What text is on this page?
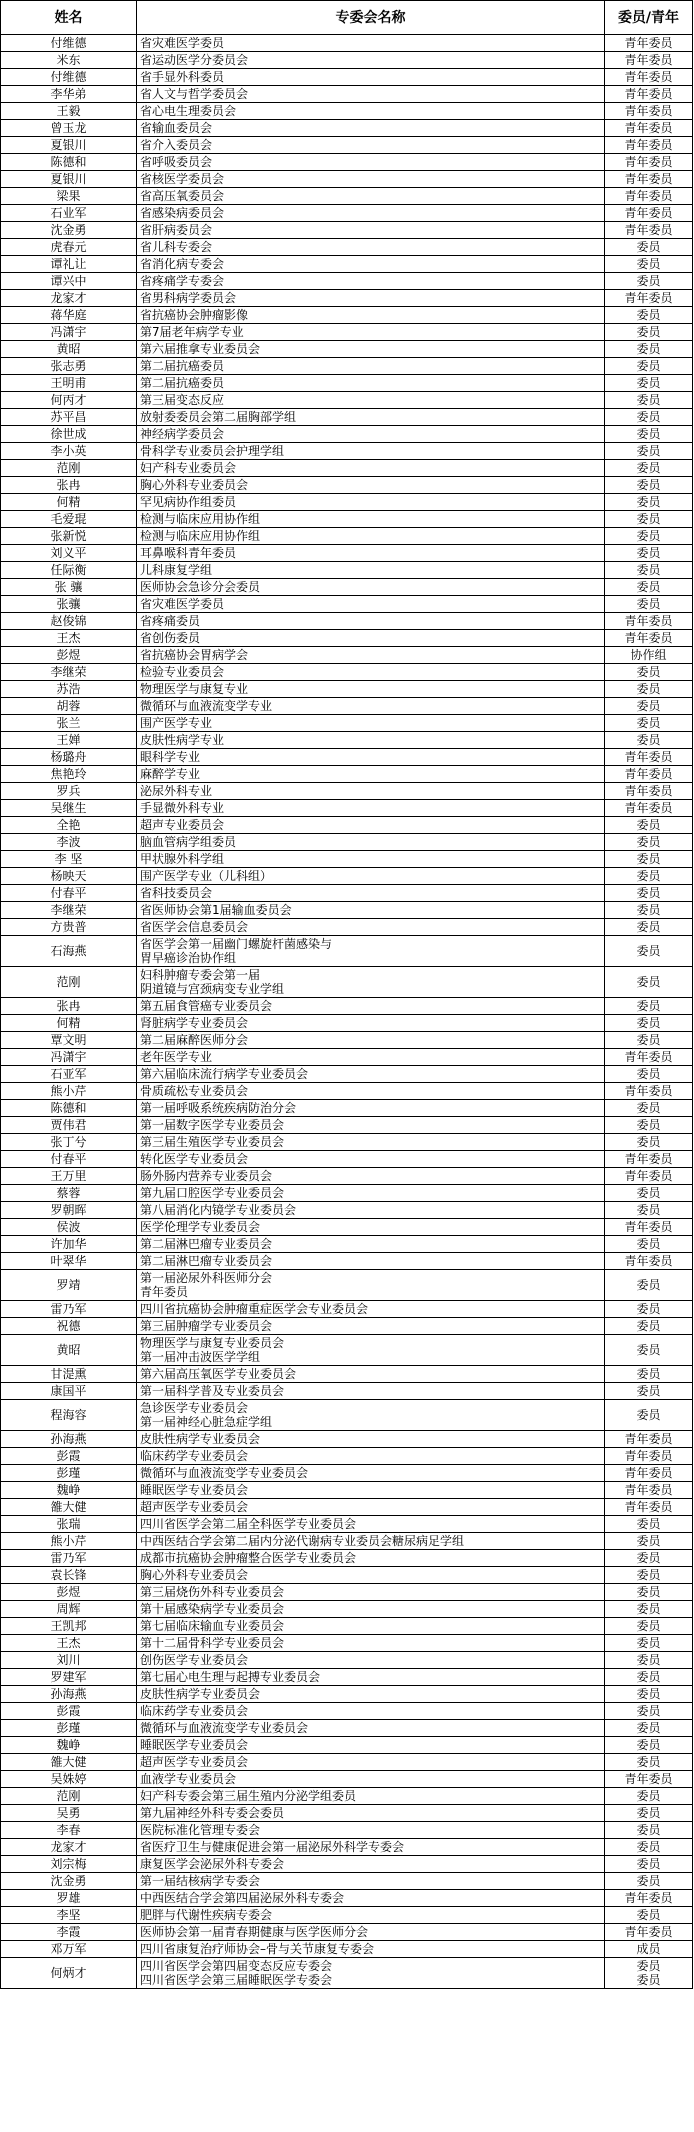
姓名	专委会名称	委员/青年
付维德	省灾难医学委员	青年委员
米东	省运动医学分委员会	青年委员
付维德	省手显外科委员	青年委员
李华弟	省人文与哲学委员会	青年委员
王毅	省心电生理委员会	青年委员
曾玉龙	省输血委员会	青年委员
夏银川	省介入委员会	青年委员
陈德和	省呼吸委员会	青年委员
夏银川	省核医学委员会	青年委员
梁果	省高压氧委员会	青年委员
石业军	省感染病委员会	青年委员
沈金勇	省肝病委员会	青年委员
虎春元	省儿科专委会	委员
谭礼让	省消化病专委会	委员
谭兴中	省疼痛学专委会	委员
龙家才	省男科病学委员会	青年委员
蒋华庭	省抗癌协会肿瘤影像	委员
冯潇宇	第7届老年病学专业	委员
黄昭	第六届推拿专业委员会	委员
张志勇	第二届抗癌委员	委员
王明甫	第二届抗癌委员	委员
何丙才	第三届变态反应	委员
苏平昌	放射委委员会第二届胸部学组	委员
徐世成	神经病学委员会	委员
李小英	骨科学专业委员会护理学组	委员
范刚	妇产科专业委员会	委员
张冉	胸心外科专业委员会	委员
何精	罕见病协作组委员	委员
毛爱琨	检测与临床应用协作组	委员
张新悦	检测与临床应用协作组	委员
刘义平	耳鼻喉科青年委员	委员
任际衡	儿科康复学组	委员
张 骧	医师协会急诊分会委员	委员
张骧	省灾难医学委员	委员
赵俊锦	省疼痛委员	青年委员
王杰	省创伤委员	青年委员
彭煜	省抗癌协会胃病学会	协作组
李继荣	检验专业委员会	委员
苏浩	物理医学与康复专业	委员
胡蓉	微循环与血液流变学专业	委员
张兰	围产医学专业	委员
王婵	皮肤性病学专业	委员
杨璐舟	眼科学专业	青年委员
焦艳玲	麻醉学专业	青年委员
罗兵	泌尿外科专业	青年委员
吴继生	手显微外科专业	青年委员
全艳	超声专业委员会	委员
李波	脑血管病学组委员	委员
李 坚	甲状腺外科学组	委员
杨映天	围产医学专业（儿科组）	委员
付春平	省科技委员会	委员
李继荣	省医师协会第1届输血委员会	委员
方贵普	省医学会信息委员会	委员
石海燕	省医学会第一届幽门螺旋杆菌感染与
胃早癌诊治协作组	委员
范刚	妇科肿瘤专委会第一届
阴道镜与宫颈病变专业学组	委员
张冉	第五届食管癌专业委员会	委员
何精	肾脏病学专业委员会	委员
覃文明	第二届麻醉医师分会	委员
冯潇宇	老年医学专业	青年委员
石亚军	第六届临床流行病学专业委员会	委员
熊小芹	骨质疏松专业委员会	青年委员
陈德和	第一届呼吸系统疾病防治分会	委员
贾伟君	第一届数字医学专业委员会	委员
张丁兮	第三届生殖医学专业委员会	委员
付春平	转化医学专业委员会	青年委员
王万里	肠外肠内营养专业委员会	青年委员
蔡蓉	第九届口腔医学专业委员会	委员
罗朝晖	第八届消化内镜学专业委员会	委员
侯波	医学伦理学专业委员会	青年委员
许加华	第二届淋巴瘤专业委员会	委员
叶翠华	第二届淋巴瘤专业委员会	青年委员
罗靖	第一届泌尿外科医师分会
青年委员	委员
雷乃军	四川省抗癌协会肿瘤重症医学会专业委员会	委员
祝德	第三届肿瘤学专业委员会	委员
黄昭	物理医学与康复专业委员会
第一届冲击波医学学组	委员
甘湜熏	第六届高压氧医学专业委员会	委员
康国平	第一届科学普及专业委员会	委员
程海容	急诊医学专业委员会
第一届神经心脏急症学组	委员
孙海燕	皮肤性病学专业委员会	青年委员
彭霞	临床药学专业委员会	青年委员
彭瑾	微循环与血液流变学专业委员会	青年委员
魏峥	睡眠医学专业委员会	青年委员
雒大健	超声医学专业委员会	青年委员
张瑞	四川省医学会第二届全科医学专业委员会	委员
熊小芹	中西医结合学会第二届内分泌代谢病专业委员会糖尿病足学组	委员
雷乃军	成都市抗癌协会肿瘤整合医学专业委员会	委员
袁长锋	胸心外科专业委员会	委员
彭煜	第三届烧伤外科专业委员会	委员
周辉	第十届感染病学专业委员会	委员
王凯邦	第七届临床输血专业委员会	委员
王杰	第十二届骨科学专业委员会	委员
刘川	创伤医学专业委员会	委员
罗建军	第七届心电生理与起搏专业委员会	委员
孙海燕	皮肤性病学专业委员会	委员
彭霞	临床药学专业委员会	委员
彭瑾	微循环与血液流变学专业委员会	委员
魏峥	睡眠医学专业委员会	委员
雒大健	超声医学专业委员会	委员
吴姝婷	血液学专业委员会	青年委员
范刚	妇产科专委会第三届生殖内分泌学组委员	委员
吴勇	第九届神经外科专委会委员	委员
李春	医院标准化管理专委会	委员
龙家才	省医疗卫生与健康促进会第一届泌尿外科学专委会	委员
刘宗梅	康复医学会泌尿外科专委会	委员
沈金勇	第一届结核病学专委会	委员
罗雄	中西医结合学会第四届泌尿外科专委会	青年委员
李坚	肥胖与代谢性疾病专委会	委员
李霞	医师协会第一届青春期健康与医学医师分会	青年委员
邓万军	四川省康复治疗师协会–骨与关节康复专委会	成员
何炳才	四川省医学会第四届变态反应专委会
四川省医学会第三届睡眠医学专委会	委员
委员
